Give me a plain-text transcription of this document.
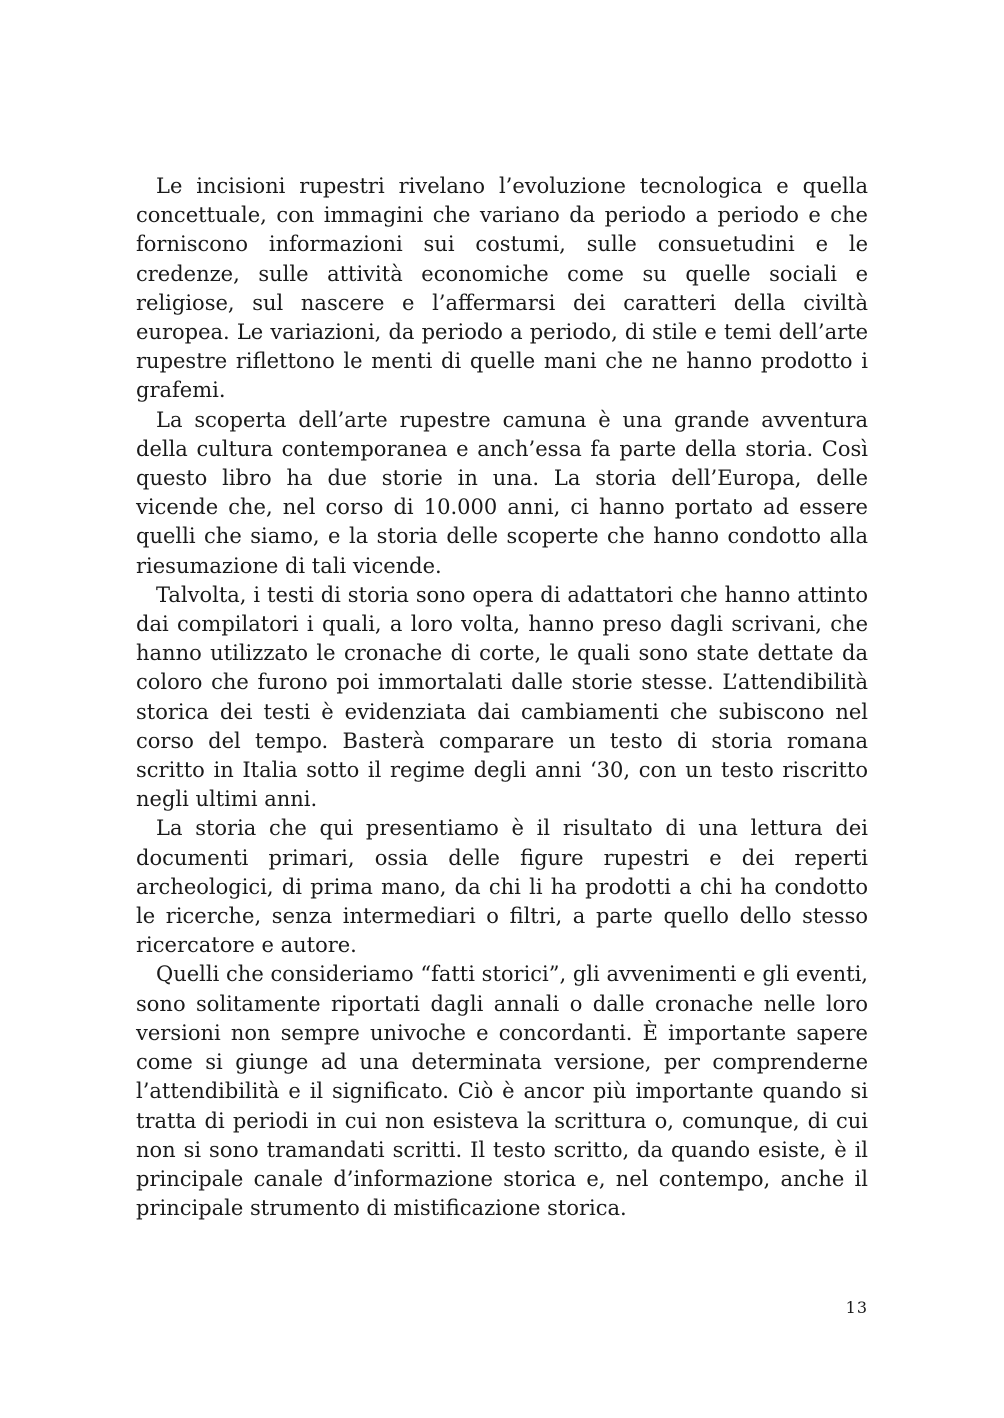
Le incisioni rupestri rivelano l’evoluzione tecnologica e quella concettuale, con immagini che variano da periodo a periodo e che forniscono informazioni sui costumi, sulle consuetudini e le credenze, sulle attività economiche come su quelle sociali e religiose, sul nascere e l’affermarsi dei caratteri della civiltà europea. Le variazioni, da periodo a periodo, di stile e temi dell’arte rupestre riflettono le menti di quelle mani che ne hanno prodotto i grafemi.

La scoperta dell’arte rupestre camuna è una grande avventura della cultura contemporanea e anch’essa fa parte della storia. Così questo libro ha due storie in una. La storia dell’Europa, delle vicende che, nel corso di 10.000 anni, ci hanno portato ad essere quelli che siamo, e la storia delle scoperte che hanno condotto alla riesumazione di tali vicende.

Talvolta, i testi di storia sono opera di adattatori che hanno attinto dai compilatori i quali, a loro volta, hanno preso dagli scrivani, che hanno utilizzato le cronache di corte, le quali sono state dettate da coloro che furono poi immortalati dalle storie stesse. L’attendibilità storica dei testi è evidenziata dai cambiamenti che subiscono nel corso del tempo. Basterà comparare un testo di storia romana scritto in Italia sotto il regime degli anni ‘30, con un testo riscritto negli ultimi anni.

La storia che qui presentiamo è il risultato di una lettura dei documenti primari, ossia delle figure rupestri e dei reperti archeologici, di prima mano, da chi li ha prodotti a chi ha condotto le ricerche, senza intermediari o filtri, a parte quello dello stesso ricercatore e autore.

Quelli che consideriamo “fatti storici”, gli avvenimenti e gli eventi, sono solitamente riportati dagli annali o dalle cronache nelle loro versioni non sempre univoche e concordanti. È importante sapere come si giunge ad una determinata versione, per comprenderne l’attendibilità e il significato. Ciò è ancor più importante quando si tratta di periodi in cui non esisteva la scrittura o, comunque, di cui non si sono tramandati scritti. Il testo scritto, da quando esiste, è il principale canale d’informazione storica e, nel contempo, anche il principale strumento di mistificazione storica.

13
